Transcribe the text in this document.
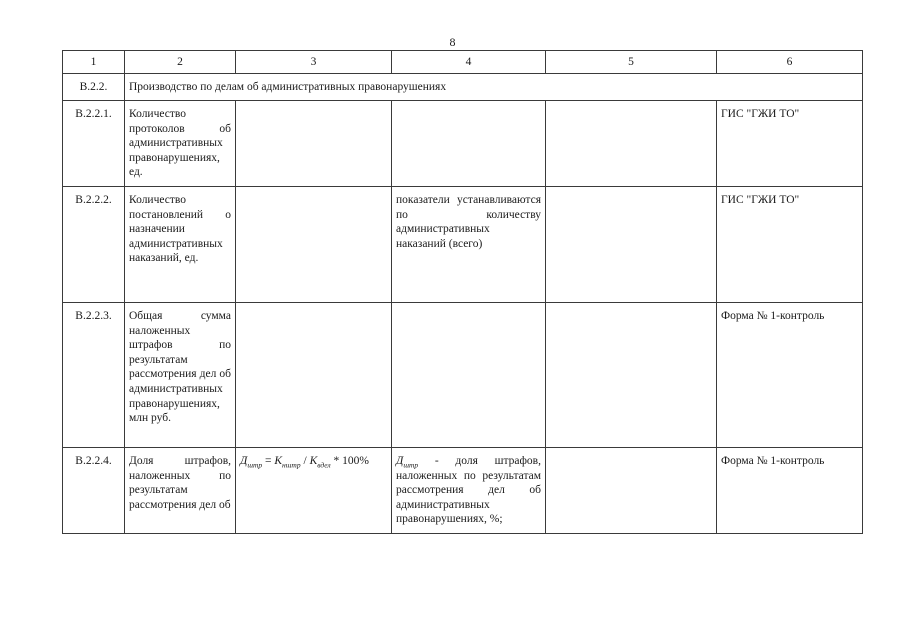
8
1	2	3	4	5	6
В.2.2.	Производство по делам об административных правонарушениях				
В.2.2.1.	Количество протоколов об административных правонарушениях, ед.				ГИС "ГЖИ ТО"
В.2.2.2.	Количество постановлений о назначении административных наказаний, ед.		показатели устанавливаются по количеству административных наказаний (всего)		ГИС "ГЖИ ТО"
В.2.2.3.	Общая сумма наложенных штрафов по результатам рассмотрения дел об административных правонарушениях, млн руб.				Форма № 1-контроль
В.2.2.4.	Доля штрафов, наложенных по результатам рассмотрения дел об	$Д_{штр} = К_{нштр} / К_{вдел} * 100\%$	$Д_{штр}$ - доля штрафов, наложенных по результатам рассмотрения дел об административных правонарушениях, %;		Форма № 1-контроль
